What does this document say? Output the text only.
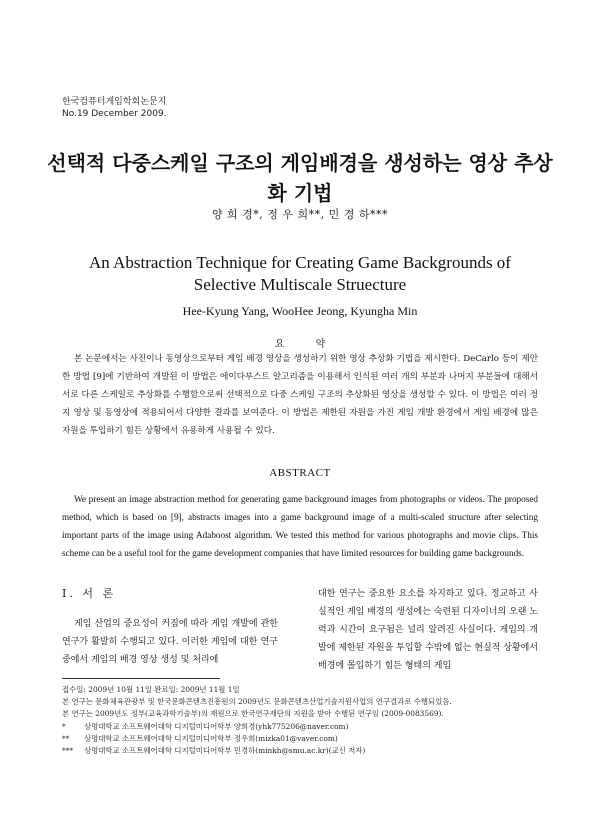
한국컴퓨터게임학회논문지
No.19 December 2009.
선택적 다중스케일 구조의 게임배경을 생성하는 영상 추상화 기법
양 희 경*, 정 우 희**, 민 경 하***
An Abstraction Technique for Creating Game Backgrounds of Selective Multiscale Struecture
Hee-Kyung Yang, WooHee Jeong, Kyungha Min
요 약
본 논문에서는 사진이나 동영상으로부터 게임 배경 영상을 생성하기 위한 영상 추상화 기법을 제시한다. DeCarlo 등이 제안한 방법 [9]에 기반하여 개발된 이 방법은 에이다부스트 알고리즘을 이용해서 인식된 여러 개의 부분과 나머지 부분들에 대해서 서로 다른 스케일로 추상화를 수행함으로써 선택적으로 다중 스케일 구조의 추상화된 영상을 생성할 수 있다. 이 방법은 여러 정지 영상 및 동영상에 적용되어서 다양한 결과를 보여준다. 이 방법은 제한된 자원을 가진 게임 개발 환경에서 게임 배경에 많은 자원을 투입하기 힘든 상황에서 유용하게 사용될 수 있다.
ABSTRACT
We present an image abstraction method for generating game background images from photographs or videos. The proposed method, which is based on [9], abstracts images into a game background image of a multi-scaled structure after selecting important parts of the image using Adaboost algorithm. We tested this method for various photographs and movie clips. This scheme can be a useful tool for the game development companies that have limited resources for building game backgrounds.
Ⅰ. 서 론
게임 산업의 중요성이 커짐에 따라 게임 개발에 관한 연구가 활발히 수행되고 있다. 이러한 게임에 대한 연구 중에서 게임의 배경 영상 생성 및 처리에
대한 연구는 중요한 요소를 차지하고 있다. 정교하고 사실적인 게임 배경의 생성에는 숙련된 디자이너의 오랜 노력과 시간이 요구됨은 널리 알려진 사실이다. 게임의 개발에 제한된 자원을 투입할 수밖에 없는 현실적 상황에서 배경에 몰입하기 힘든 형태의 게임
접수일: 2009년 10월 11일 완료일: 2009년 11월 1일
본 연구는 문화체육관광부 및 한국문화콘텐츠진흥원의 2009년도 문화콘텐츠산업기술지원사업의 연구결과로 수행되었음.
본 연구는 2009년도 정부(교육과학기술부)의 재원으로 한국연구재단의 지원을 받아 수행된 연구임 (2009-0083569).
* 상명대학교 소프트웨어대학 디지털미디어학부 양희경(yhk775206@naver.com)
** 상명대학교 소프트웨어대학 디지털미디어학부 정우희(mizka01@vaver.com)
*** 상명대학교 소프트웨어대학 디지털미디어학부 민경하(minkh@smu.ac.kr)(교신 저자)
